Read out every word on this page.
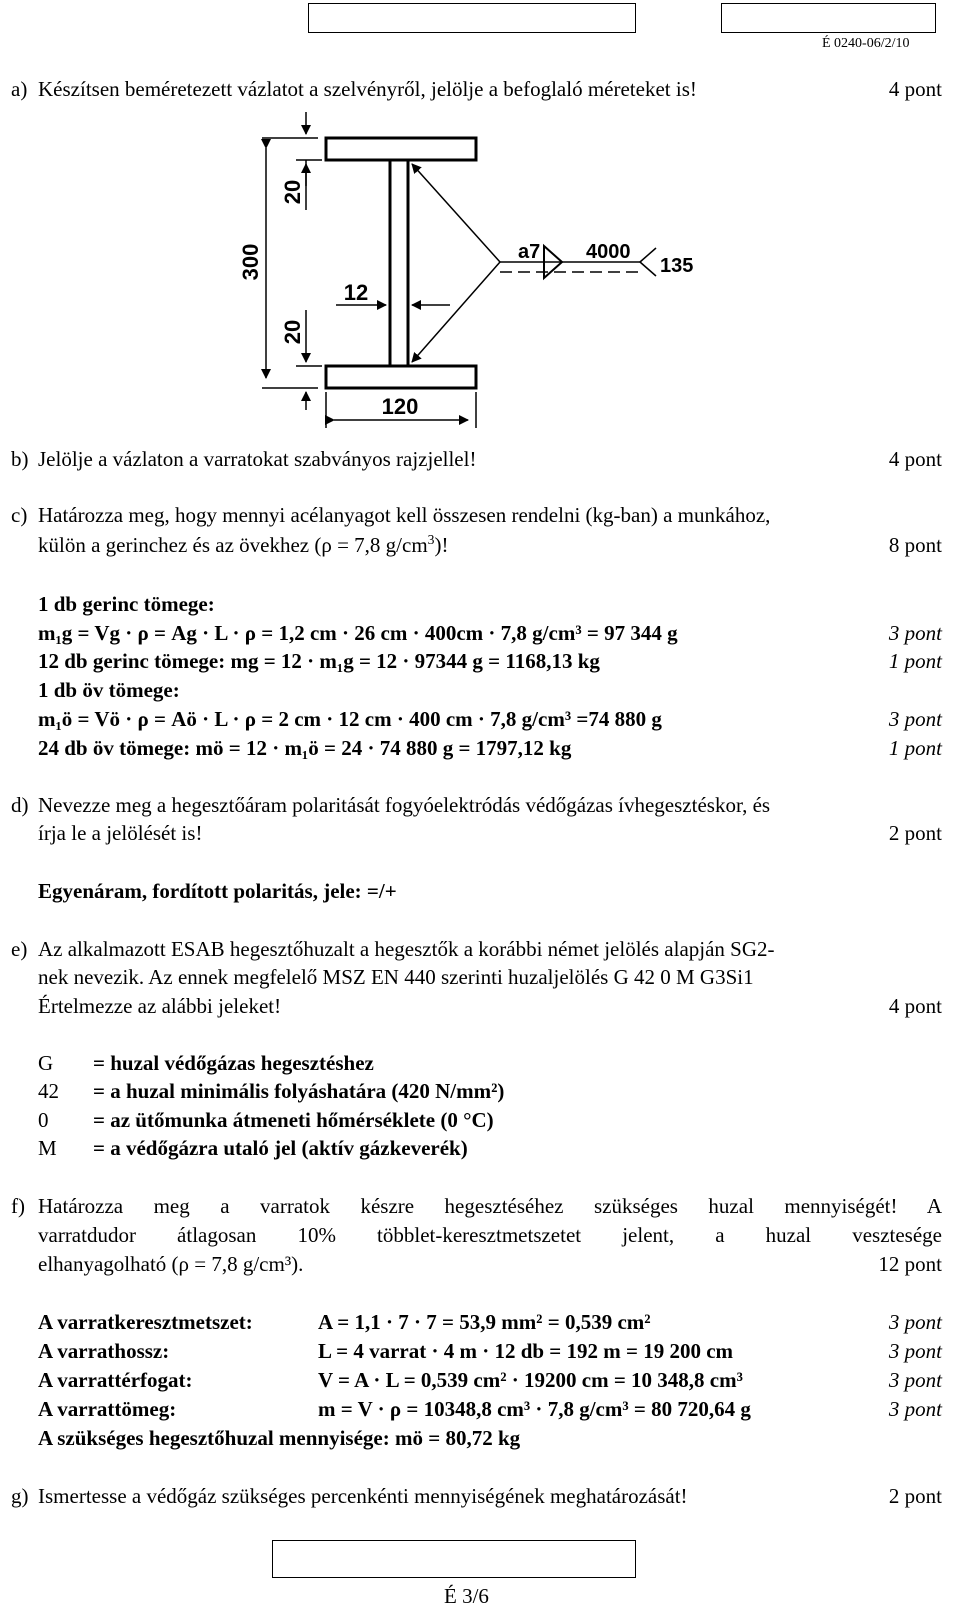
É 0240-06/2/10
a) Készítsen beméretezett vázlatot a szelvényről, jelölje a befoglaló méreteket is!	4 pont
20
300
20
12
120
a7 4000
135
b) Jelölje a vázlaton a varratokat szabványos rajzjellel!	4 pont
c) Határozza meg, hogy mennyi acélanyagot kell összesen rendelni (kg-ban) a munkához,
külön a gerinchez és az övekhez (ρ = 7,8 $g/cm^3$)!	8 pont
1 db gerinc tömege:
m₁g = Vg · ρ = Ag · L · ρ = 1,2 cm · 26 cm · 400cm · 7,8 g/cm³ = 97 344 g	3 pont
12 db gerinc tömege: mg = 12 · m₁g = 12 · 97344 g = 1168,13 kg	1 pont
1 db öv tömege:
m₁ö = Vö · ρ = Aö · L · ρ = 2 cm · 12 cm · 400 cm · 7,8 g/cm³ =74 880 g	3 pont
24 db öv tömege: mö = 12 · m₁ö = 24 · 74 880 g = 1797,12 kg	1 pont
d) Nevezze meg a hegesztőáram polaritását fogyóelektródás védőgázas ívhegesztéskor, és
írja le a jelölését is!	2 pont
Egyenáram, fordított polaritás, jele: =/+
e) Az alkalmazott ESAB hegesztőhuzalt a hegesztők a korábbi német jelölés alapján SG2-
nek nevezik. Az ennek megfelelő MSZ EN 440 szerinti huzaljelölés G 42 0 M G3Si1
Értelmezze az alábbi jeleket!	4 pont
G = huzal védőgázas hegesztéshez
42 = a huzal minimális folyáshatára (420 N/mm²)
0 = az ütőmunka átmeneti hőmérséklete (0 °C)
M = a védőgázra utaló jel (aktív gázkeverék)
f) Határozza meg a varratok készre hegesztéséhez szükséges huzal mennyiségét! A
varratdudor átlagosan 10% többlet-keresztmetszetet jelent, a huzal vesztesége
elhanyagolható (ρ = 7,8 g/cm³).	12 pont
A varratkeresztmetszet:	A = 1,1 · 7 · 7 = 53,9 mm² = 0,539 cm²	3 pont
A varrathossz:	L = 4 varrat · 4 m · 12 db = 192 m = 19 200 cm	3 pont
A varrattérfogat:	V = A · L = 0,539 cm² · 19200 cm = 10 348,8 cm³	3 pont
A varrattömeg:	m = V · ρ = 10348,8 cm³ · 7,8 g/cm³ = 80 720,64 g	3 pont
A szükséges hegesztőhuzal mennyisége: mö = 80,72 kg
g) Ismertesse a védőgáz szükséges percenkénti mennyiségének meghatározását!	2 pont
É 3/6
